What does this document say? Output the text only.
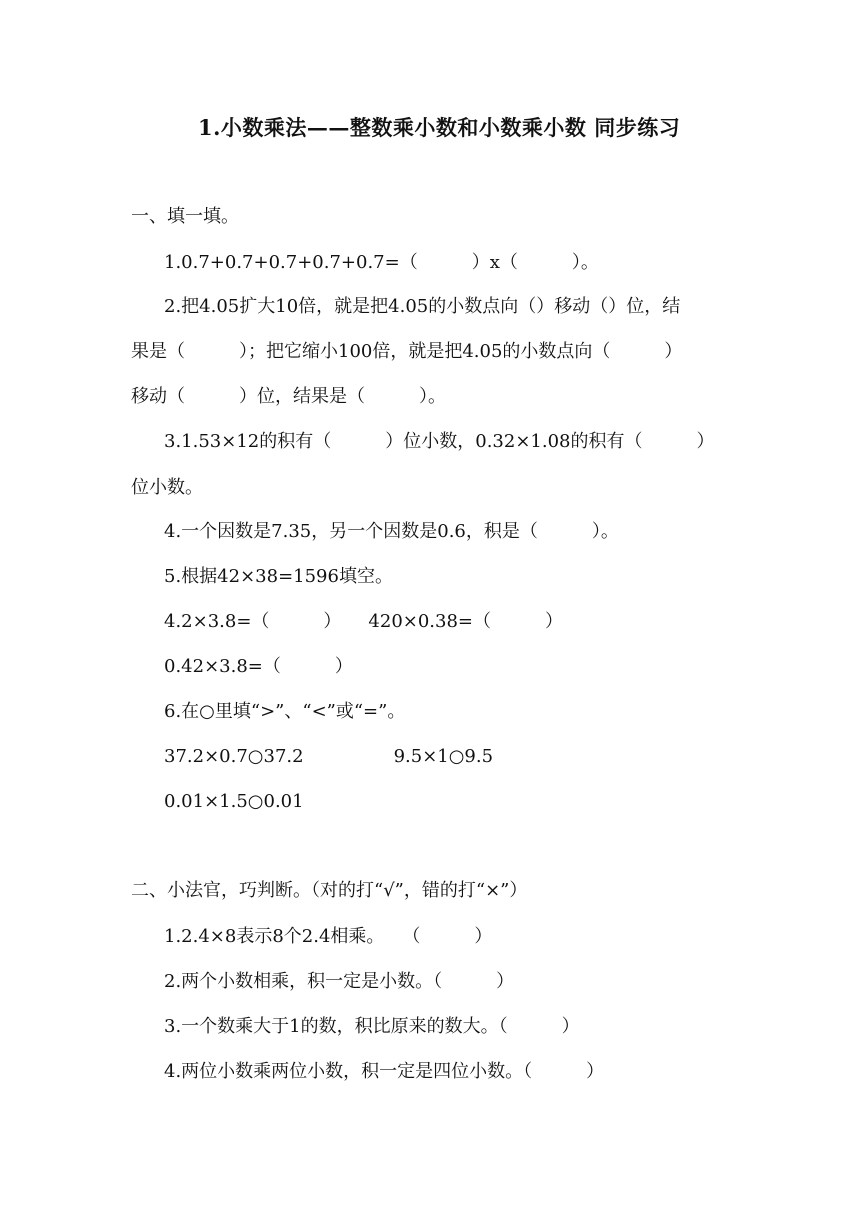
1.小数乘法——整数乘小数和小数乘小数 同步练习
一、填一填。
1.0.7+0.7+0.7+0.7+0.7=（　　　）x（　　　）。
2.把4.05扩大10倍，就是把4.05的小数点向（）移动（）位，结
果是（　　　）；把它缩小100倍，就是把4.05的小数点向（　　　）
移动（　　　）位，结果是（　　　）。
3.1.53×12的积有（　　　）位小数，0.32×1.08的积有（　　　）
位小数。
4.一个因数是7.35，另一个因数是0.6，积是（　　　）。
5.根据42×38=1596填空。
4.2×3.8=（　　　）　　420×0.38=（　　　）
0.42×3.8=（　　　）
6.在○里填“>”、“<”或“=”。
37.2×0.7○37.2　　　　　9.5×1○9.5
0.01×1.5○0.01
二、小法官，巧判断。（对的打“√”，错的打“×”）
1.2.4×8表示8个2.4相乘。　　（　　　）
2.两个小数相乘，积一定是小数。（　　　）
3.一个数乘大于1的数，积比原来的数大。（　　　）
4.两位小数乘两位小数，积一定是四位小数。（　　　）
